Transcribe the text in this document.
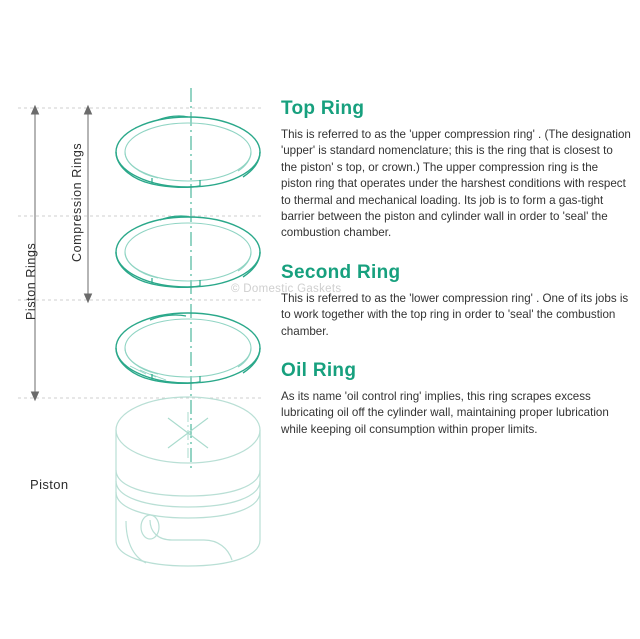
Piston Rings
Compression Rings
Piston
© Domestic Gaskets
Top Ring

This is referred to as the 'upper compression ring' . (The designation 'upper' is standard nomenclature; this is the ring that is closest to the piston' s top, or crown.) The upper compression ring is the piston ring that operates under the harshest conditions with respect to thermal and mechanical loading. Its job is to form a gas-tight barrier between the piston and cylinder wall in order to 'seal' the combustion chamber.

Second Ring

This is referred to as the 'lower compression ring' . One of its jobs is to work together with the top ring in order to 'seal' the combustion chamber.

Oil Ring

As its name 'oil control ring' implies, this ring scrapes excess lubricating oil off the cylinder wall, maintaining proper lubrication while keeping oil consumption within proper limits.
